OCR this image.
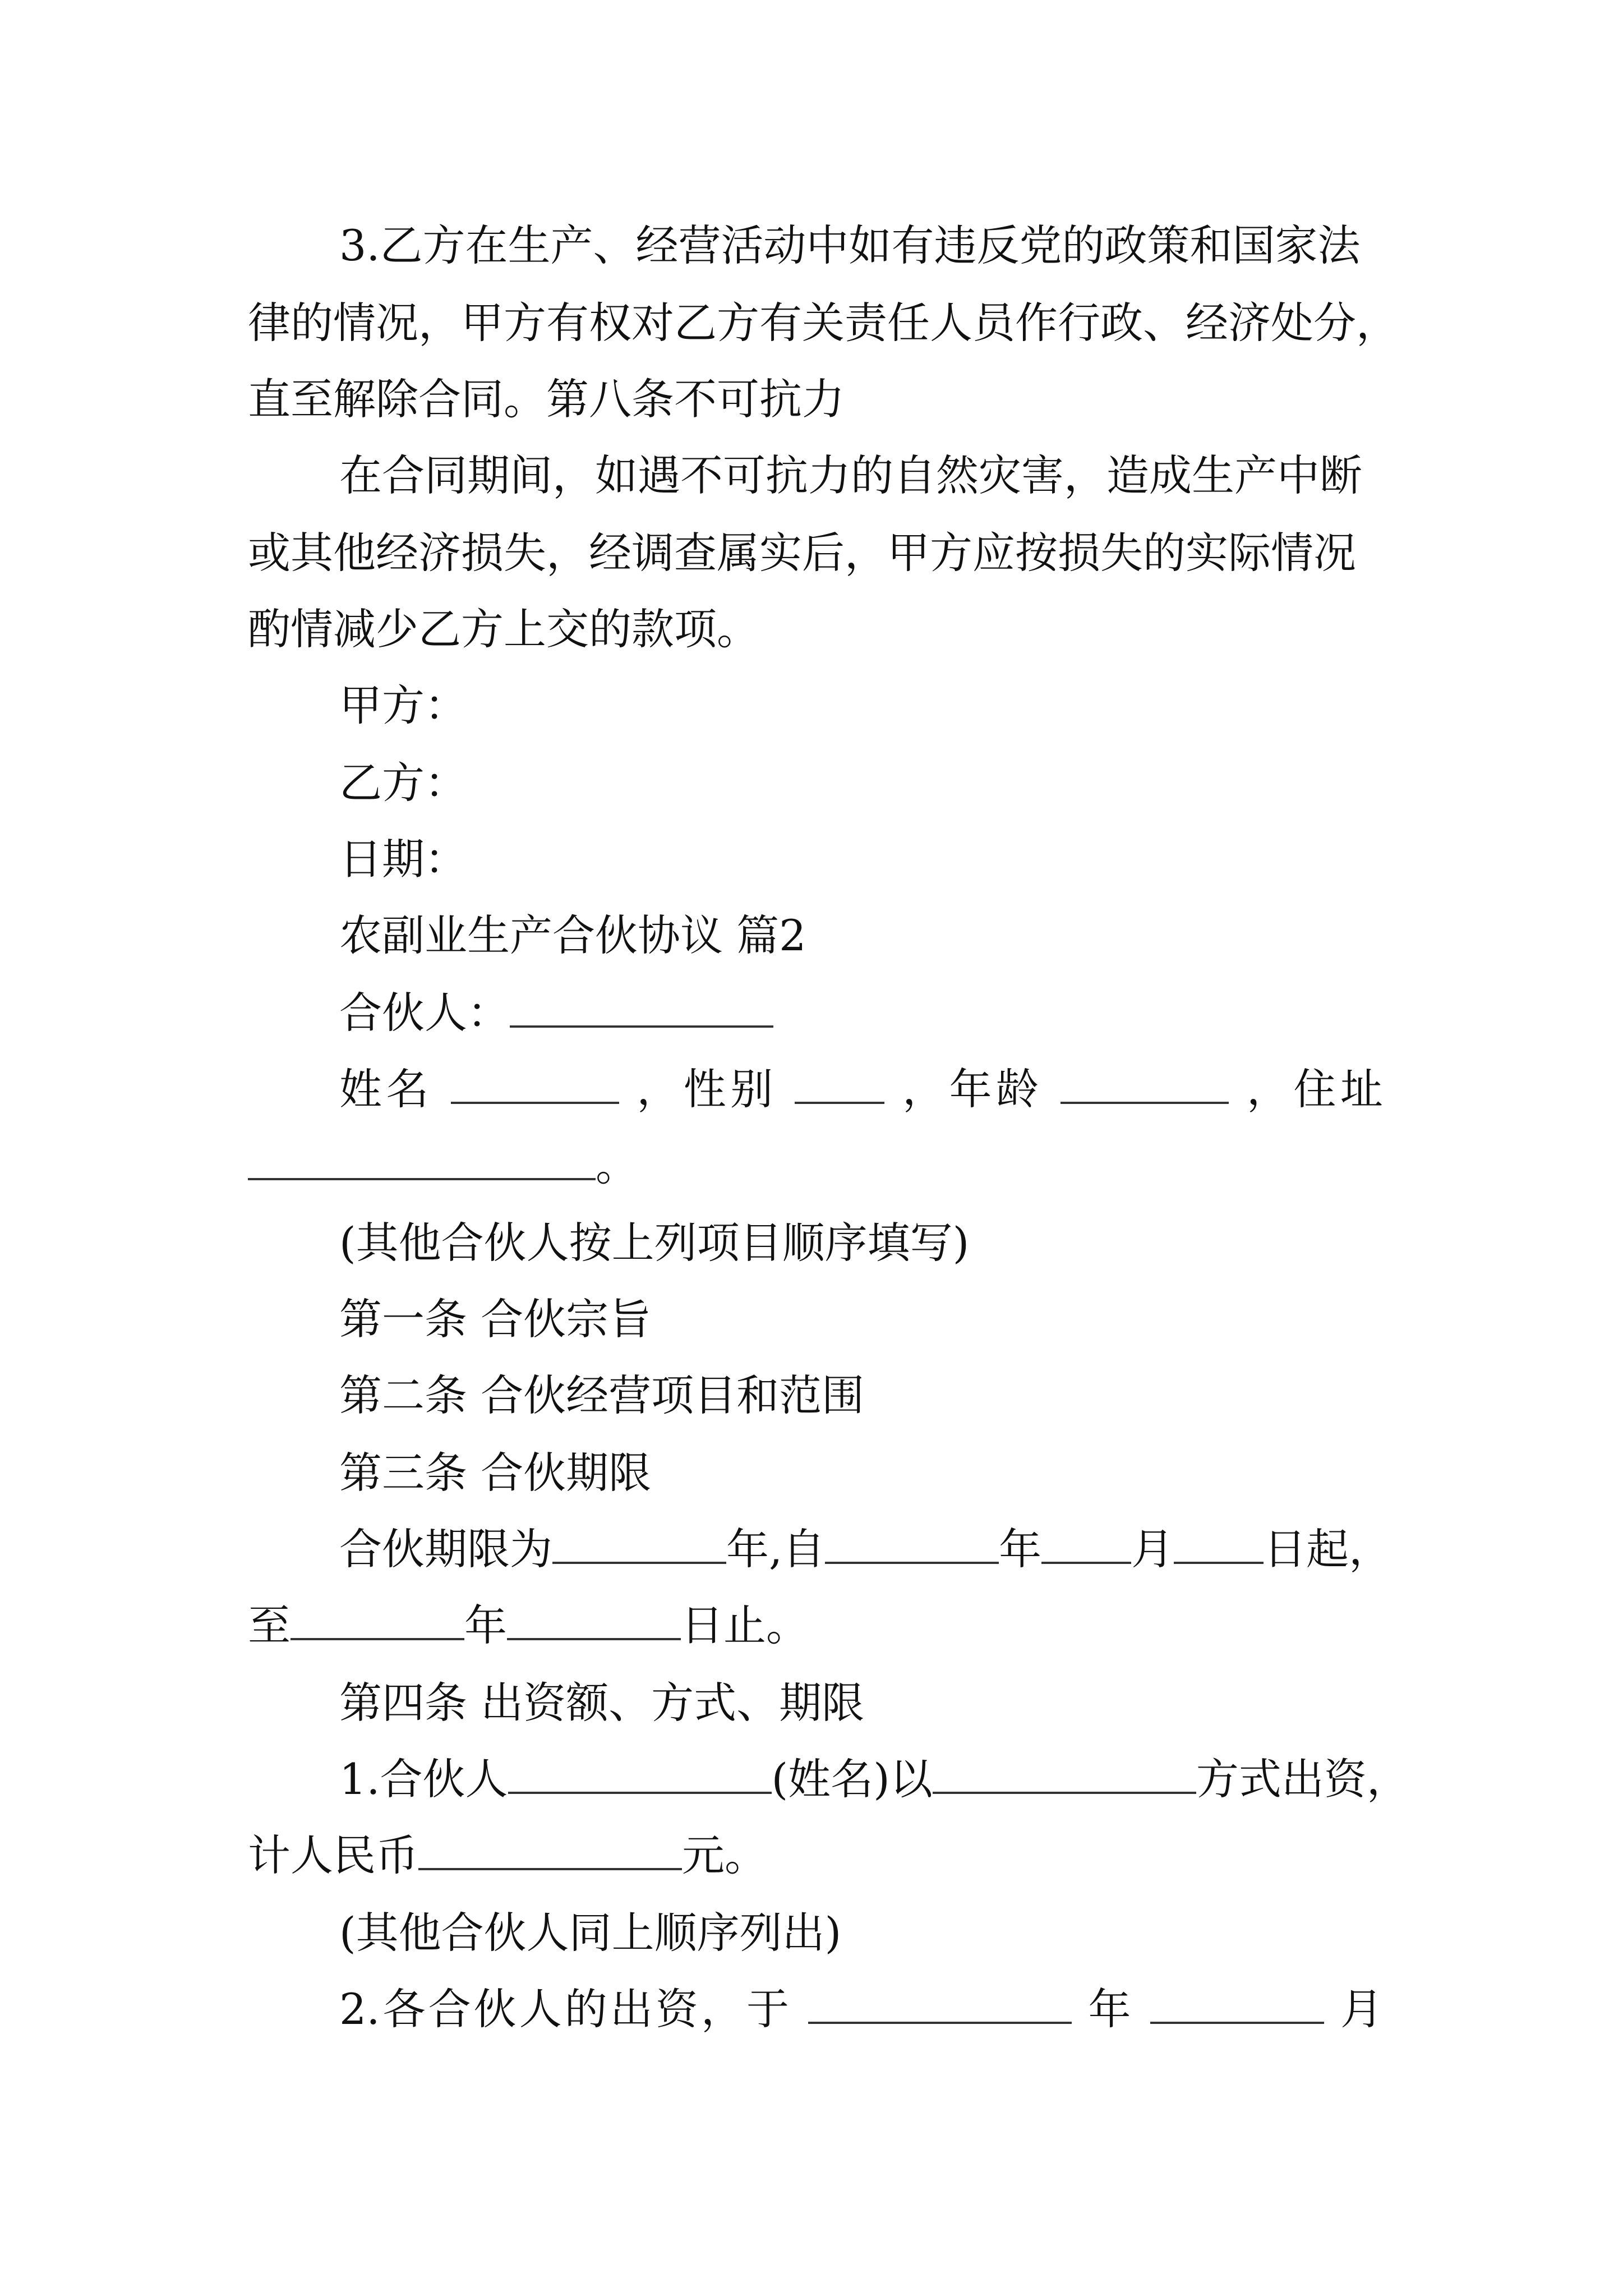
3.乙方在生产、经营活动中如有违反党的政策和国家法
律的情况，甲方有权对乙方有关责任人员作行政、经济处分，
直至解除合同。第八条不可抗力
在合同期间，如遇不可抗力的自然灾害，造成生产中断
或其他经济损失，经调查属实后，甲方应按损失的实际情况
酌情减少乙方上交的款项。
甲方：
乙方：
日期：
农副业生产合伙协议 篇2
合伙人：
姓名	，性别	，年龄	，住址
。
(其他合伙人按上列项目顺序填写)
第一条 合伙宗旨
第二条 合伙经营项目和范围
第三条 合伙期限
合伙期限为	年,自	年 月 日起，
至	年	日止。
第四条 出资额、方式、期限
1.合伙人	(姓名)以	方式出资，
计人民币	元。
(其他合伙人同上顺序列出)
2.各合伙人的出资，于	年	月
